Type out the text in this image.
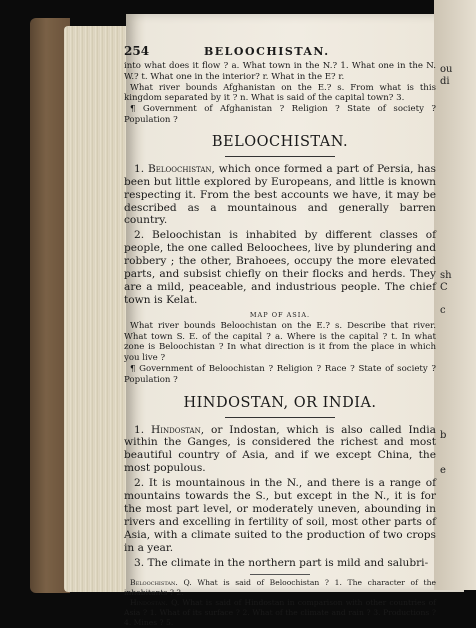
ou
di
sh
C
c
b
e
254	BELOOCHISTAN.
into what does it flow ? a. What town in the N.? 1. What one in the N. W.? t. What one in the interior? r. What in the E? r.
What river bounds Afghanistan on the E.? s. From what is this kingdom separated by it ? n. What is said of the capital town? 3.
¶ Government of Afghanistan ? Religion ? State of society ? Population ?
BELOOCHISTAN.

1. Beloochistan, which once formed a part of Persia, has been but little explored by Europeans, and little is known respecting it. From the best accounts we have, it may be described as a mountainous and generally barren country.

2. Beloochistan is inhabited by different classes of people, the one called Beloochees, live by plundering and robbery ; the other, Brahoees, occupy the more elevated parts, and subsist chiefly on their flocks and herds. They are a mild, peaceable, and industrious people. The chief town is Kelat.

MAP OF ASIA.
What river bounds Beloochistan on the E.? s. Describe that river. What town S. E. of the capital ? a. Where is the capital ? t. In what zone is Beloochistan ? In what direction is it from the place in which you live ?
¶ Government of Beloochistan ? Religion ? Race ? State of society ? Population ?
HINDOSTAN, OR INDIA.

1. Hindostan, or Indostan, which is also called India within the Ganges, is considered the richest and most beautiful country of Asia, and if we except China, the most populous.

2. It is mountainous in the N., and there is a range of mountains towards the S., but except in the N., it is for the most part level, or moderately uneven, abounding in rivers and excelling in fertility of soil, most other parts of Asia, with a climate suited to the production of two crops in a year.

3. The climate in the northern part is mild and salubri-

Beloochistan. Q. What is said of Beloochistan ? 1. The character of the inhabitants ? 2.
Hindostan. Q. What is said of Hindostan in comparison with other countries of Asia ? 1. What of its surface ? 2. What of the climate and rain ? 3. Productions ? 4. Mines ? 5.
